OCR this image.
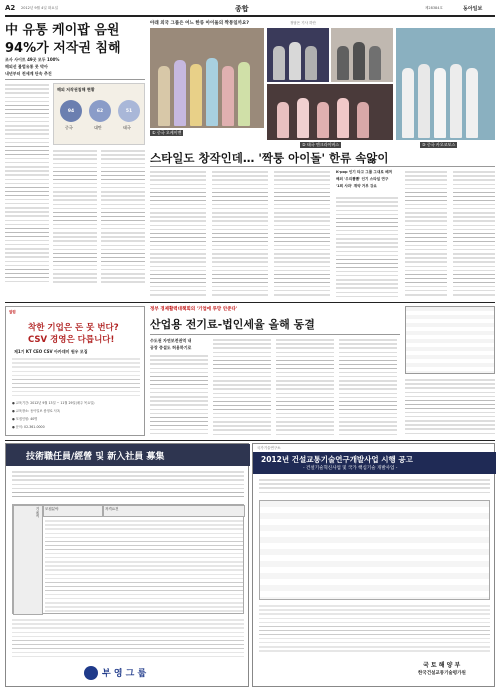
A2 2012년 9월 4일 화요일	종합	제28384호	동아일보
中 유통 케이팝 음원
94%가 저작권 침해
조사 사이트 49곳 모두 100%
해외선 불법유통 못 막아
내년부터 전세계 단속 추진
해외 저작권침해 현황
94	62	51
중국	대만	태국
아래 외국 그룹은 어느 한류 아이돌의 짝퉁일까요?	정답은 기사 하단
① 중국 오케이맨
② 태국 엔크라이버스	③ 중국 카오코보스
스타일도 창작인데… '짝퉁 아이돌' 한류 속앓이
K-pop 인기 타고 그룹 그대로 베껴
해외 '우리뽐뽐' 인기 스타일 연구
'1회 사과' 계약 거부 강요
알림
착한 기업은 돈 못 번다?
CSV 경영은 다릅니다!
제1기 KT CEO CSV 아카데미 원우 모집
● 교육기간: 2012년 9월 13일 ~ 11월 29일(매주 목요일)
● 교육장소: 동아일보 충정로 사옥
● 모집인원: 40명
● 문의: 02-361-0000
정부 경제활력대책회의 '기업에 투망 안준다'
산업용 전기료-법인세율 올해 동결
수도권 자연보전권역 내
공장 증설도 허용하기로
技術職任員/經營 및 新入社員 募集
기술직	모집분야	자격요건
부 영 그 룹
국가기술연구소
2012년 건설교통기술연구개발사업 시행 공고
- 건설기술혁신사업 및 국가 핵심기술 개발사업 -
국 토 해 양 부
한국건설교통기술평가원
